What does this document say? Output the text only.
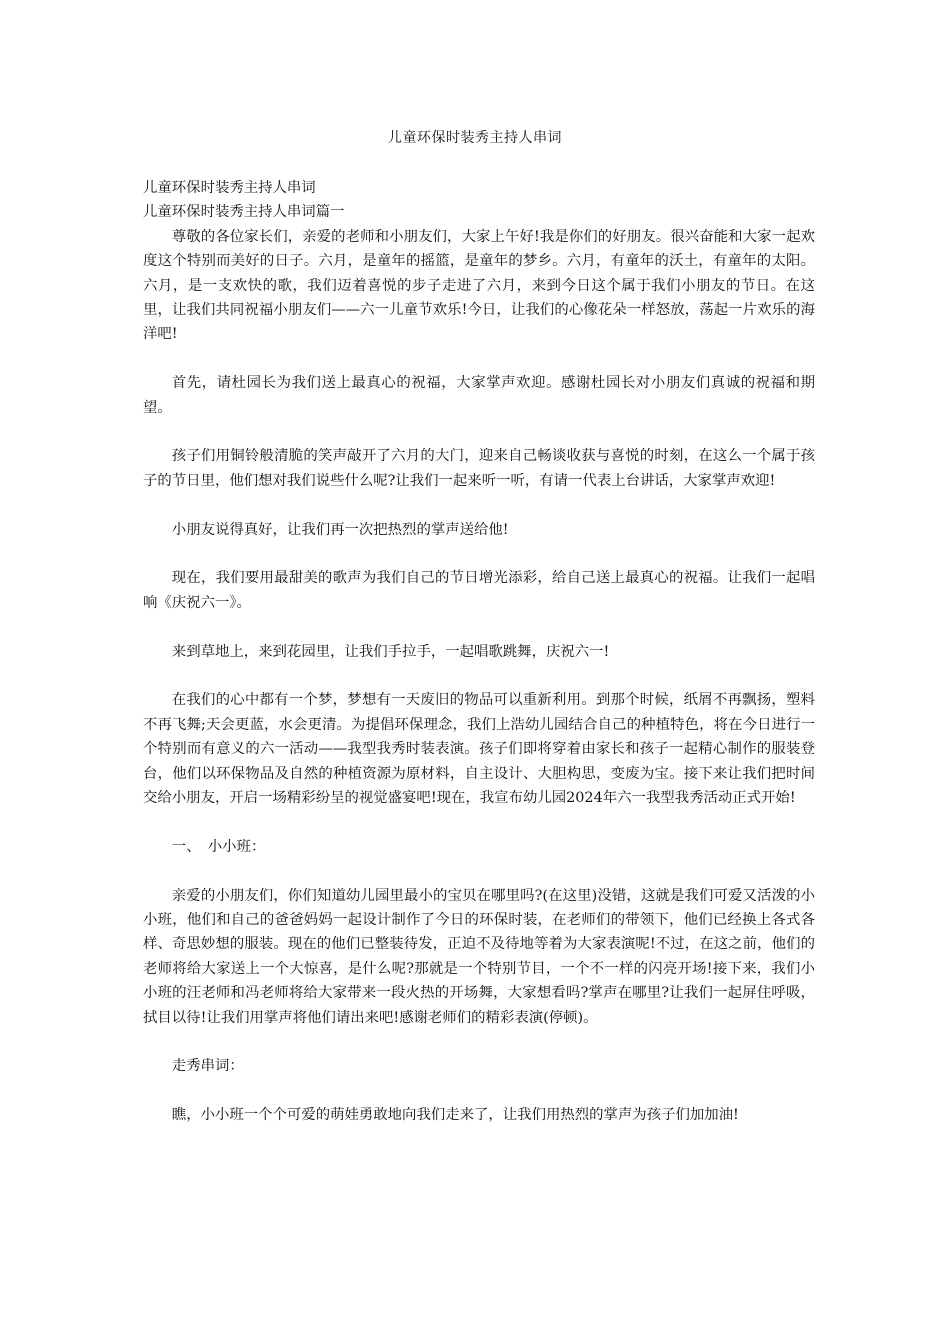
儿童环保时装秀主持人串词

儿童环保时装秀主持人串词

儿童环保时装秀主持人串词篇一

尊敬的各位家长们，亲爱的老师和小朋友们，大家上午好!我是你们的好朋友。很兴奋能和大家一起欢度这个特别而美好的日子。六月，是童年的摇篮，是童年的梦乡。六月，有童年的沃土，有童年的太阳。六月，是一支欢快的歌，我们迈着喜悦的步子走进了六月，来到今日这个属于我们小朋友的节日。在这里，让我们共同祝福小朋友们——六一儿童节欢乐!今日，让我们的心像花朵一样怒放，荡起一片欢乐的海洋吧!

首先，请杜园长为我们送上最真心的祝福，大家掌声欢迎。感谢杜园长对小朋友们真诚的祝福和期望。

孩子们用铜铃般清脆的笑声敲开了六月的大门，迎来自己畅谈收获与喜悦的时刻，在这么一个属于孩子的节日里，他们想对我们说些什么呢?让我们一起来听一听，有请一代表上台讲话，大家掌声欢迎!

小朋友说得真好，让我们再一次把热烈的掌声送给他!

现在，我们要用最甜美的歌声为我们自己的节日增光添彩，给自己送上最真心的祝福。让我们一起唱响《庆祝六一》。

来到草地上，来到花园里，让我们手拉手，一起唱歌跳舞，庆祝六一!

在我们的心中都有一个梦，梦想有一天废旧的物品可以重新利用。到那个时候，纸屑不再飘扬，塑料不再飞舞;天会更蓝，水会更清。为提倡环保理念，我们上浩幼儿园结合自己的种植特色，将在今日进行一个特别而有意义的六一活动——我型我秀时装表演。孩子们即将穿着由家长和孩子一起精心制作的服装登台，他们以环保物品及自然的种植资源为原材料，自主设计、大胆构思，变废为宝。接下来让我们把时间交给小朋友，开启一场精彩纷呈的视觉盛宴吧!现在，我宣布幼儿园2024年六一我型我秀活动正式开始!

一、　小小班：

亲爱的小朋友们，你们知道幼儿园里最小的宝贝在哪里吗?(在这里)没错，这就是我们可爱又活泼的小小班，他们和自己的爸爸妈妈一起设计制作了今日的环保时装，在老师们的带领下，他们已经换上各式各样、奇思妙想的服装。现在的他们已整装待发，正迫不及待地等着为大家表演呢!不过，在这之前，他们的老师将给大家送上一个大惊喜，是什么呢?那就是一个特别节目，一个不一样的闪亮开场!接下来，我们小小班的汪老师和冯老师将给大家带来一段火热的开场舞，大家想看吗?掌声在哪里?让我们一起屏住呼吸，拭目以待!让我们用掌声将他们请出来吧!感谢老师们的精彩表演(停顿)。

走秀串词：

瞧，小小班一个个可爱的萌娃勇敢地向我们走来了，让我们用热烈的掌声为孩子们加加油!
